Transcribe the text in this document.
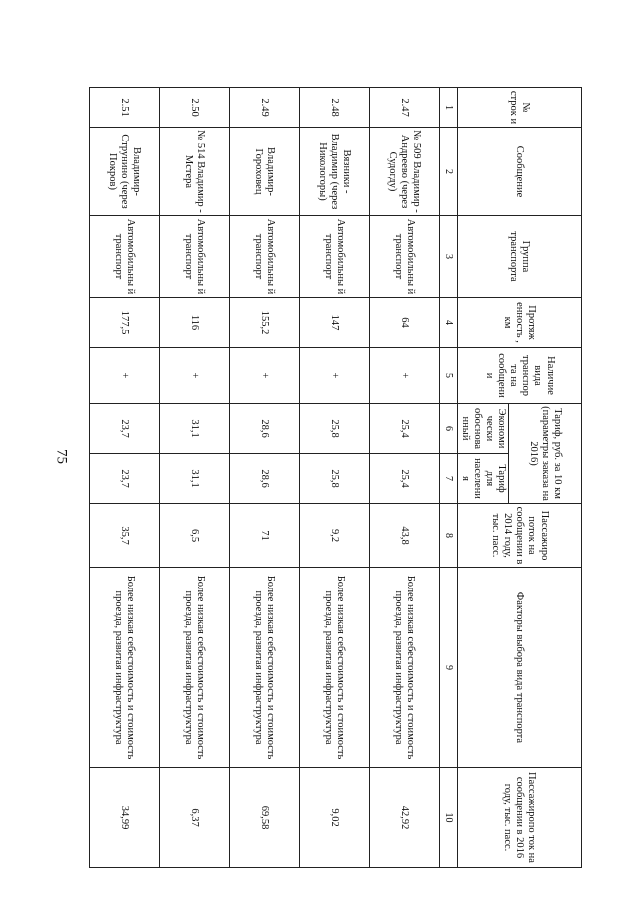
75
№ строк и	Сообщение	Группа транспорта	Протяж енность , км	Наличие вида транспор та на сообщени и	Тариф, руб. за 10 км (параметры заказа на 2016)		Пассажиро поток на сообщении в 2014 году, тыс. пасс.	Факторы выбора вида транспорта	Пассажиропо ток на сообщении в 2016 году, тыс. пасс.
					Экономи чески обоснова нный	Тариф для населения			
1	2	3	4	5	6	7	8	9	10
2.47	№ 509 Владимир - Андреево (через Судогду)	Автомобильны й транспорт	64	+	25,4	25,4	43,8	Более низкая себестоимость и стоимость проезда, развитая инфраструктура	42,92
2.48	Вязники - Владимир (через Никологоры)	Автомобильны й транспорт	147	+	25,8	25,8	9,2	Более низкая себестоимость и стоимость проезда, развитая инфраструктура	9,02
2.49	Владимир- Гороховец	Автомобильны й транспорт	155,2	+	28,6	28,6	71	Более низкая себестоимость и стоимость проезда, развитая инфраструктура	69,58
2.50	№ 514 Владимир - Мстера	Автомобильны й транспорт	116	+	31,1	31,1	6,5	Более низкая себестоимость и стоимость проезда, развитая инфраструктура	6,37
2.51	Владимир- Струнино (через Покров)	Автомобильны й транспорт	177,5	+	23,7	23,7	35,7	Более низкая себестоимость и стоимость проезда, развитая инфраструктура	34,99
